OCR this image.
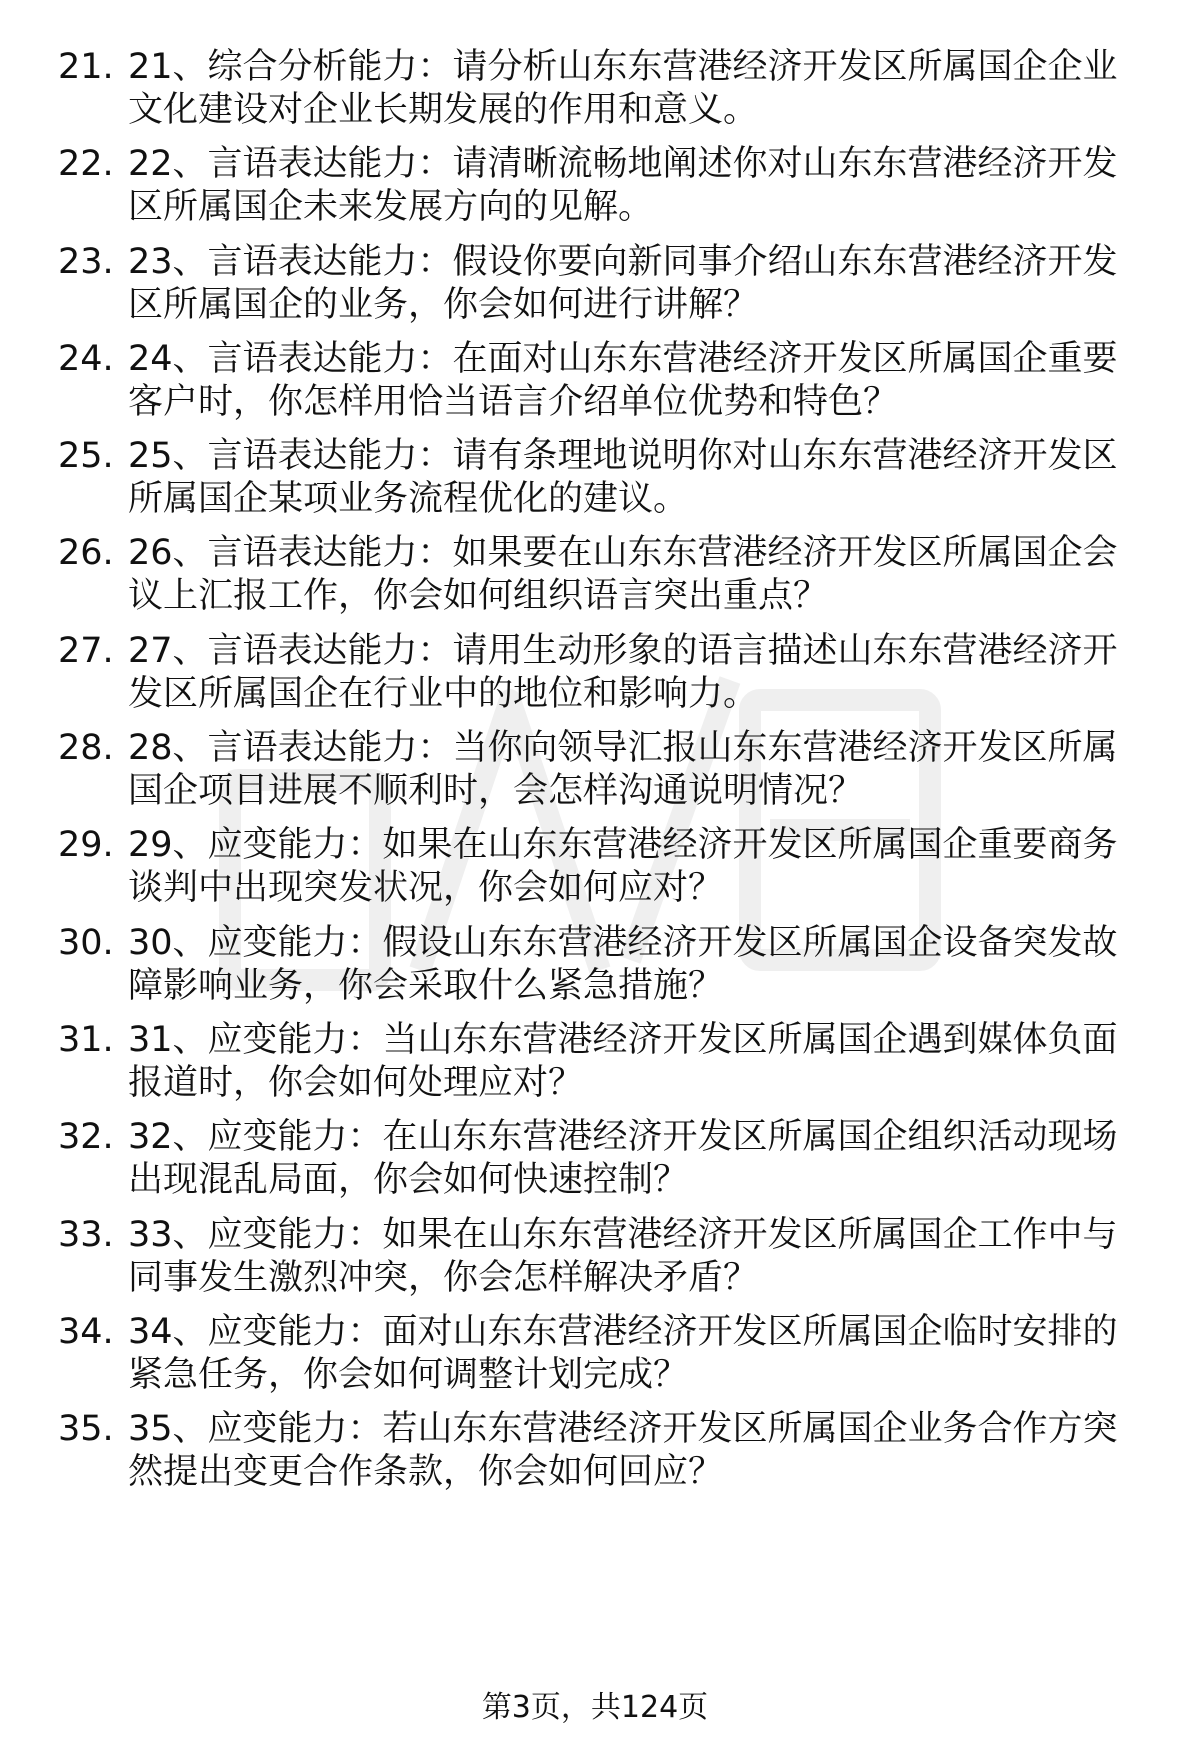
21. 21、综合分析能力：请分析山东东营港经济开发区所属国企企业文化建设对企业长期发展的作用和意义。
22. 22、言语表达能力：请清晰流畅地阐述你对山东东营港经济开发区所属国企未来发展方向的见解。
23. 23、言语表达能力：假设你要向新同事介绍山东东营港经济开发区所属国企的业务，你会如何进行讲解？
24. 24、言语表达能力：在面对山东东营港经济开发区所属国企重要客户时，你怎样用恰当语言介绍单位优势和特色？
25. 25、言语表达能力：请有条理地说明你对山东东营港经济开发区所属国企某项业务流程优化的建议。
26. 26、言语表达能力：如果要在山东东营港经济开发区所属国企会议上汇报工作，你会如何组织语言突出重点？
27. 27、言语表达能力：请用生动形象的语言描述山东东营港经济开发区所属国企在行业中的地位和影响力。
28. 28、言语表达能力：当你向领导汇报山东东营港经济开发区所属国企项目进展不顺利时，会怎样沟通说明情况？
29. 29、应变能力：如果在山东东营港经济开发区所属国企重要商务谈判中出现突发状况，你会如何应对？
30. 30、应变能力：假设山东东营港经济开发区所属国企设备突发故障影响业务，你会采取什么紧急措施？
31. 31、应变能力：当山东东营港经济开发区所属国企遇到媒体负面报道时，你会如何处理应对？
32. 32、应变能力：在山东东营港经济开发区所属国企组织活动现场出现混乱局面，你会如何快速控制？
33. 33、应变能力：如果在山东东营港经济开发区所属国企工作中与同事发生激烈冲突，你会怎样解决矛盾？
34. 34、应变能力：面对山东东营港经济开发区所属国企临时安排的紧急任务，你会如何调整计划完成？
35. 35、应变能力：若山东东营港经济开发区所属国企业务合作方突然提出变更合作条款，你会如何回应？
第3页，共124页
